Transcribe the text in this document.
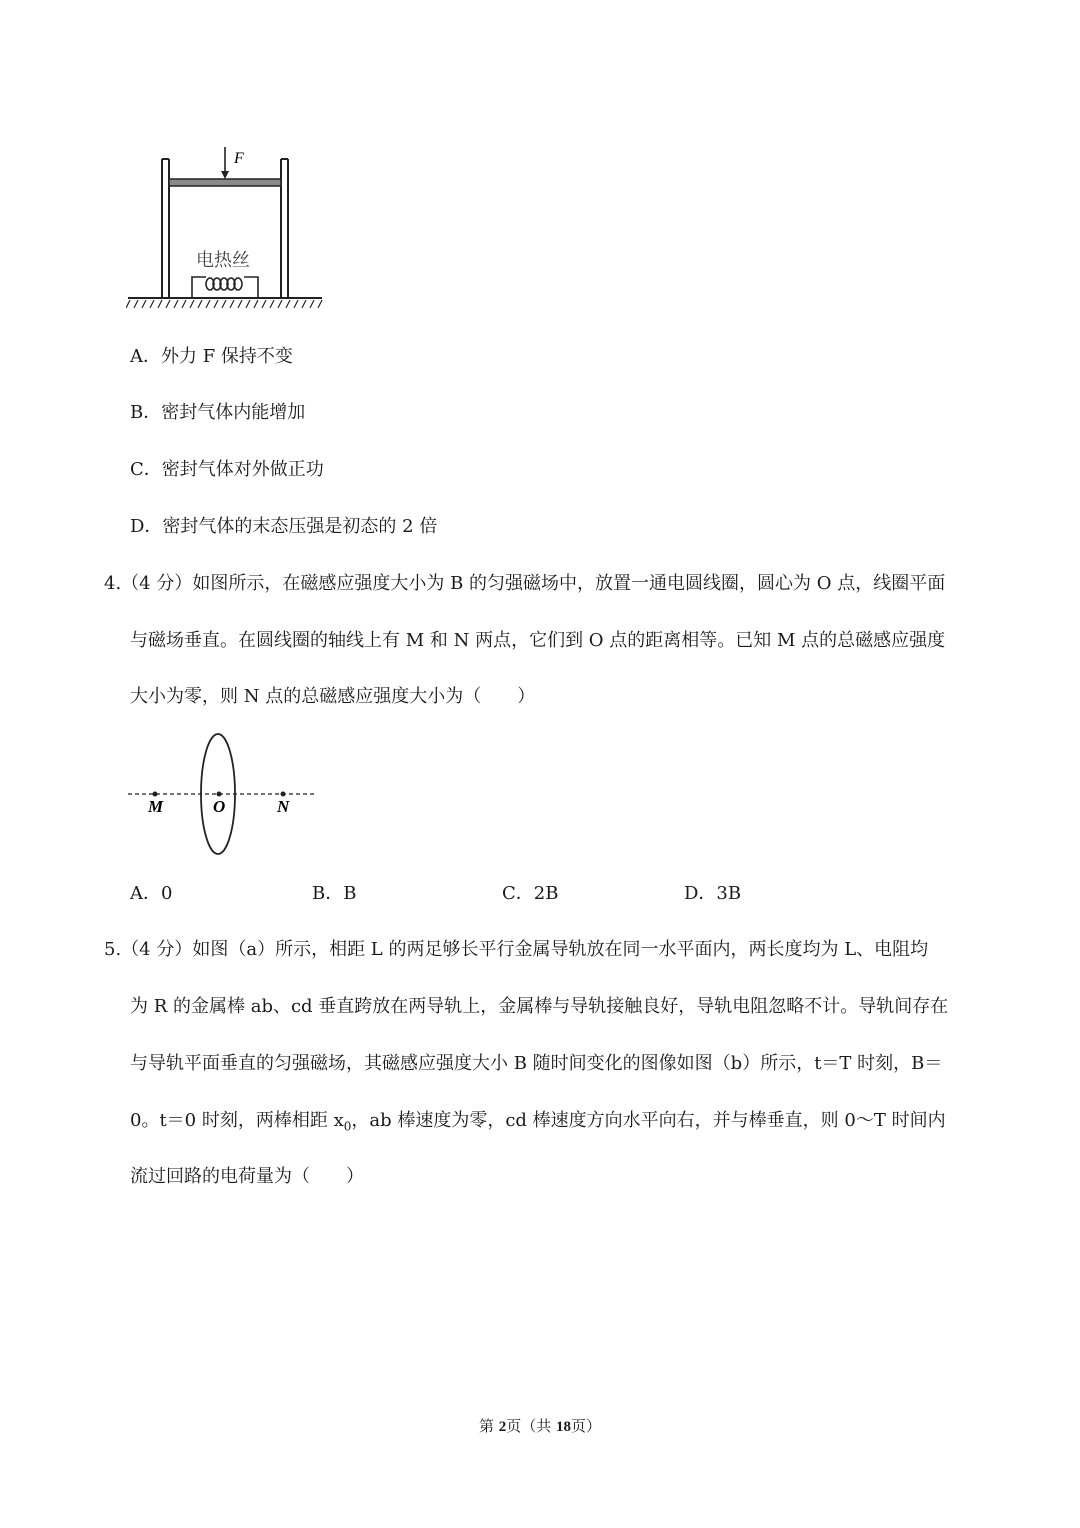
F
电热丝
A．外力 F 保持不变
B．密封气体内能增加
C．密封气体对外做正功
D．密封气体的末态压强是初态的 2 倍
4.（4 分）如图所示，在磁感应强度大小为 B 的匀强磁场中，放置一通电圆线圈，圆心为 O 点，线圈平面
与磁场垂直。在圆线圈的轴线上有 M 和 N 两点，它们到 O 点的距离相等。已知 M 点的总磁感应强度
大小为零，则 N 点的总磁感应强度大小为（　　）
M	O	N
A．0	B．B	C．2B	D．3B
5.（4 分）如图（a）所示，相距 L 的两足够长平行金属导轨放在同一水平面内，两长度均为 L、电阻均
为 R 的金属棒 ab、cd 垂直跨放在两导轨上，金属棒与导轨接触良好，导轨电阻忽略不计。导轨间存在
与导轨平面垂直的匀强磁场，其磁感应强度大小 B 随时间变化的图像如图（b）所示，t＝T 时刻，B＝
0。t＝0 时刻，两棒相距 $x_0$，ab 棒速度为零，cd 棒速度方向水平向右，并与棒垂直，则 0～T 时间内
流过回路的电荷量为（　　）
第 2页（共 18页）
